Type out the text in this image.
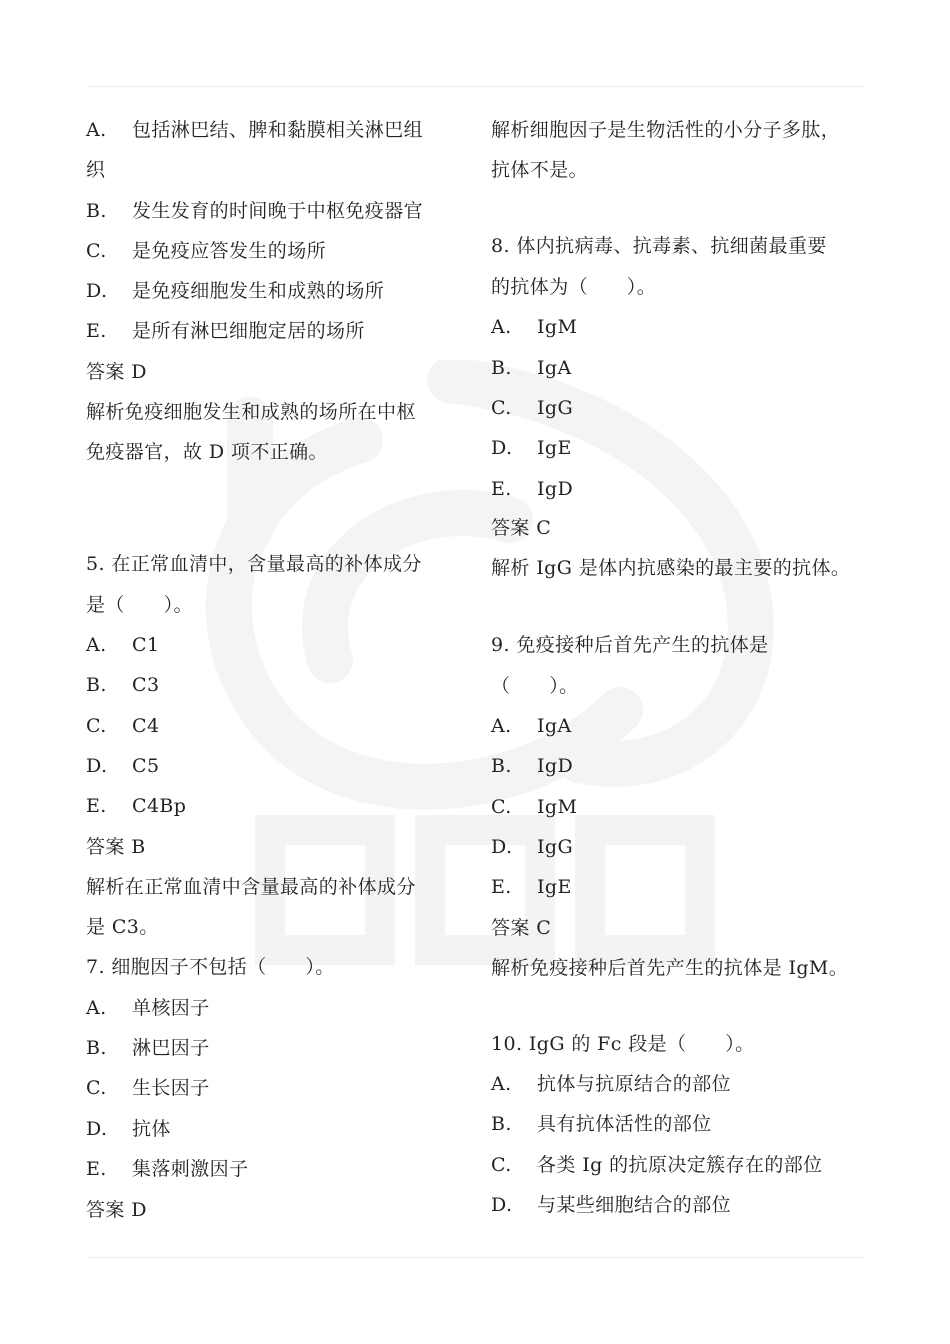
A. 包括淋巴结、脾和黏膜相关淋巴组
织
B. 发生发育的时间晚于中枢免疫器官
C. 是免疫应答发生的场所
D. 是免疫细胞发生和成熟的场所
E. 是所有淋巴细胞定居的场所
答案 D
解析免疫细胞发生和成熟的场所在中枢
免疫器官，故 D 项不正确。
5. 在正常血清中，含量最高的补体成分
是（　　）。
A. C1
B. C3
C. C4
D. C5
E. C4Bp
答案 B
解析在正常血清中含量最高的补体成分
是 C3。
7. 细胞因子不包括（　　）。
A. 单核因子
B. 淋巴因子
C. 生长因子
D. 抗体
E. 集落刺激因子
答案 D
解析细胞因子是生物活性的小分子多肽，
抗体不是。
8. 体内抗病毒、抗毒素、抗细菌最重要
的抗体为（　　）。
A. IgM
B. IgA
C. IgG
D. IgE
E. IgD
答案 C
解析 IgG 是体内抗感染的最主要的抗体。
9. 免疫接种后首先产生的抗体是
（　　）。
A. IgA
B. IgD
C. IgM
D. IgG
E. IgE
答案 C
解析免疫接种后首先产生的抗体是 IgM。
10. IgG 的 Fc 段是（　　）。
A. 抗体与抗原结合的部位
B. 具有抗体活性的部位
C. 各类 Ig 的抗原决定簇存在的部位
D. 与某些细胞结合的部位
